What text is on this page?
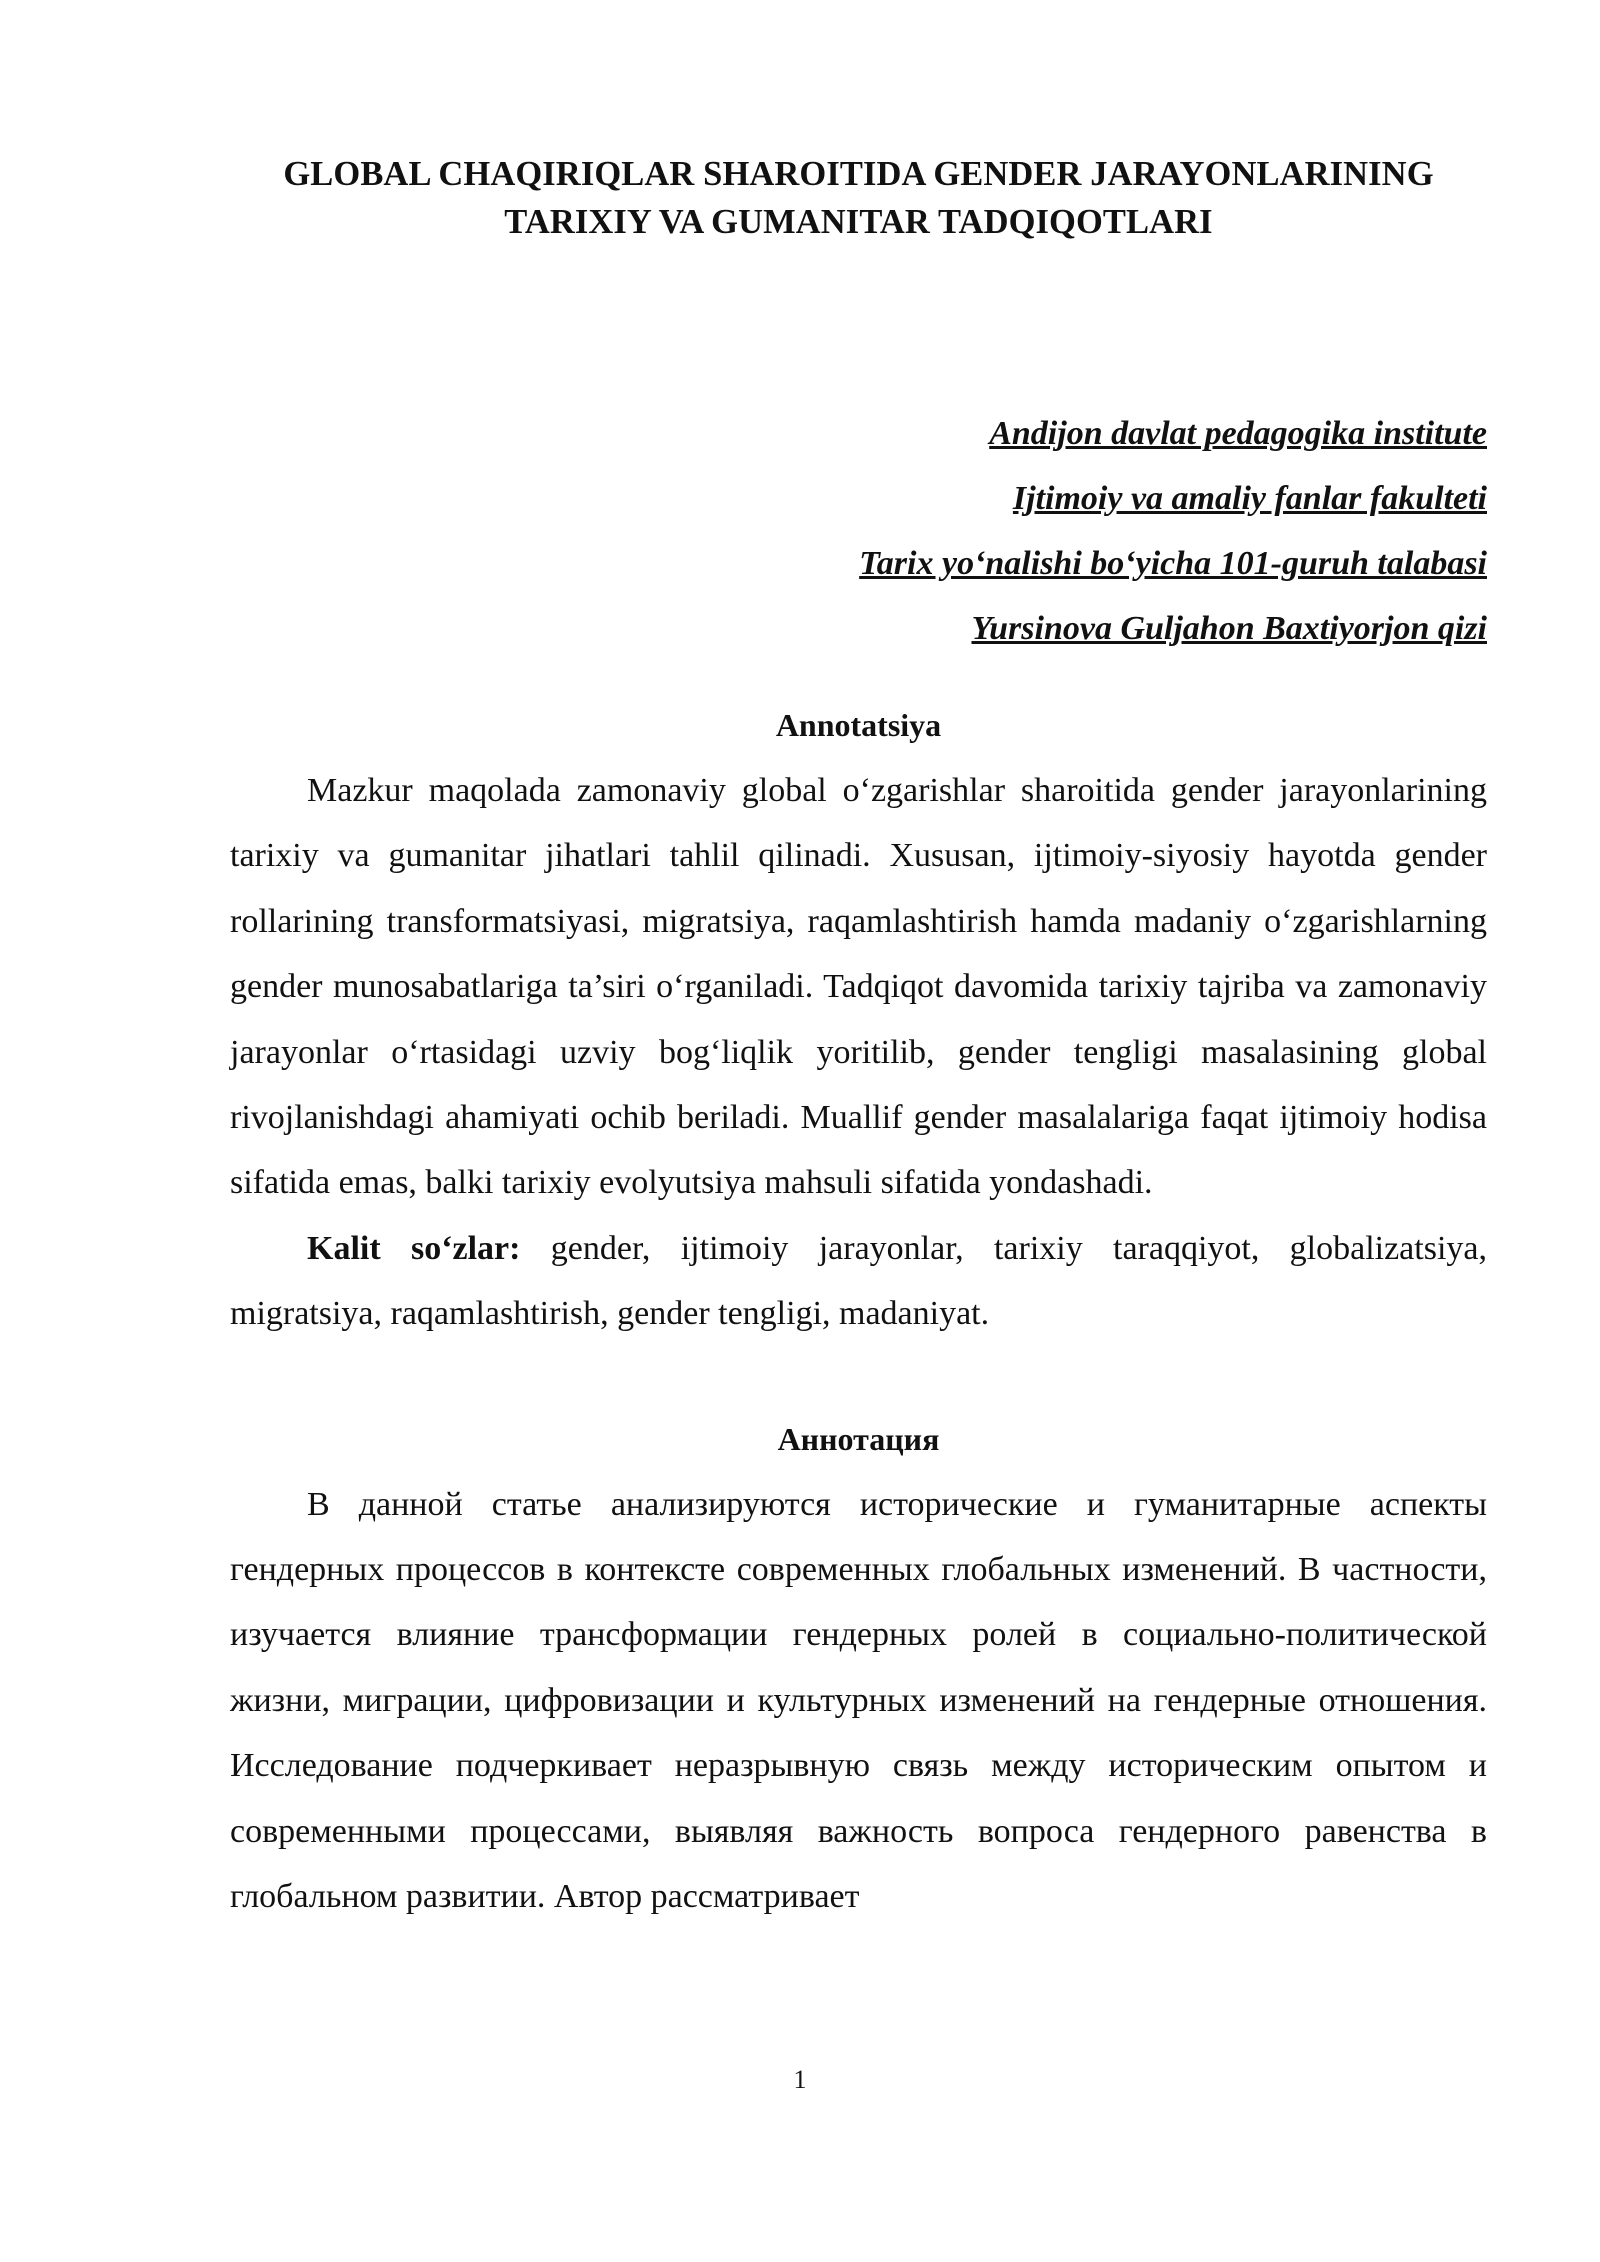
GLOBAL CHAQIRIQLAR SHAROITIDA GENDER JARAYONLARINING
TARIXIY VA GUMANITAR TADQIQOTLARI
Andijon davlat pedagogika institute
Ijtimoiy va amaliy fanlar fakulteti
Tarix yo‘nalishi bo‘yicha 101-guruh talabasi
Yursinova Guljahon Baxtiyorjon qizi
Annotatsiya

Mazkur maqolada zamonaviy global o‘zgarishlar sharoitida gender jarayonlarining tarixiy va gumanitar jihatlari tahlil qilinadi. Xususan, ijtimoiy-siyosiy hayotda gender rollarining transformatsiyasi, migratsiya, raqamlashtirish hamda madaniy o‘zgarishlarning gender munosabatlariga ta’siri o‘rganiladi. Tadqiqot davomida tarixiy tajriba va zamonaviy jarayonlar o‘rtasidagi uzviy bog‘liqlik yoritilib, gender tengligi masalasining global rivojlanishdagi ahamiyati ochib beriladi. Muallif gender masalalariga faqat ijtimoiy hodisa sifatida emas, balki tarixiy evolyutsiya mahsuli sifatida yondashadi.

Kalit so‘zlar: gender, ijtimoiy jarayonlar, tarixiy taraqqiyot, globalizatsiya, migratsiya, raqamlashtirish, gender tengligi, madaniyat.

Аннотация

В данной статье анализируются исторические и гуманитарные аспекты гендерных процессов в контексте современных глобальных изменений. В частности, изучается влияние трансформации гендерных ролей в социально-политической жизни, миграции, цифровизации и культурных изменений на гендерные отношения. Исследование подчеркивает неразрывную связь между историческим опытом и современными процессами, выявляя важность вопроса гендерного равенства в глобальном развитии. Автор рассматривает

1
